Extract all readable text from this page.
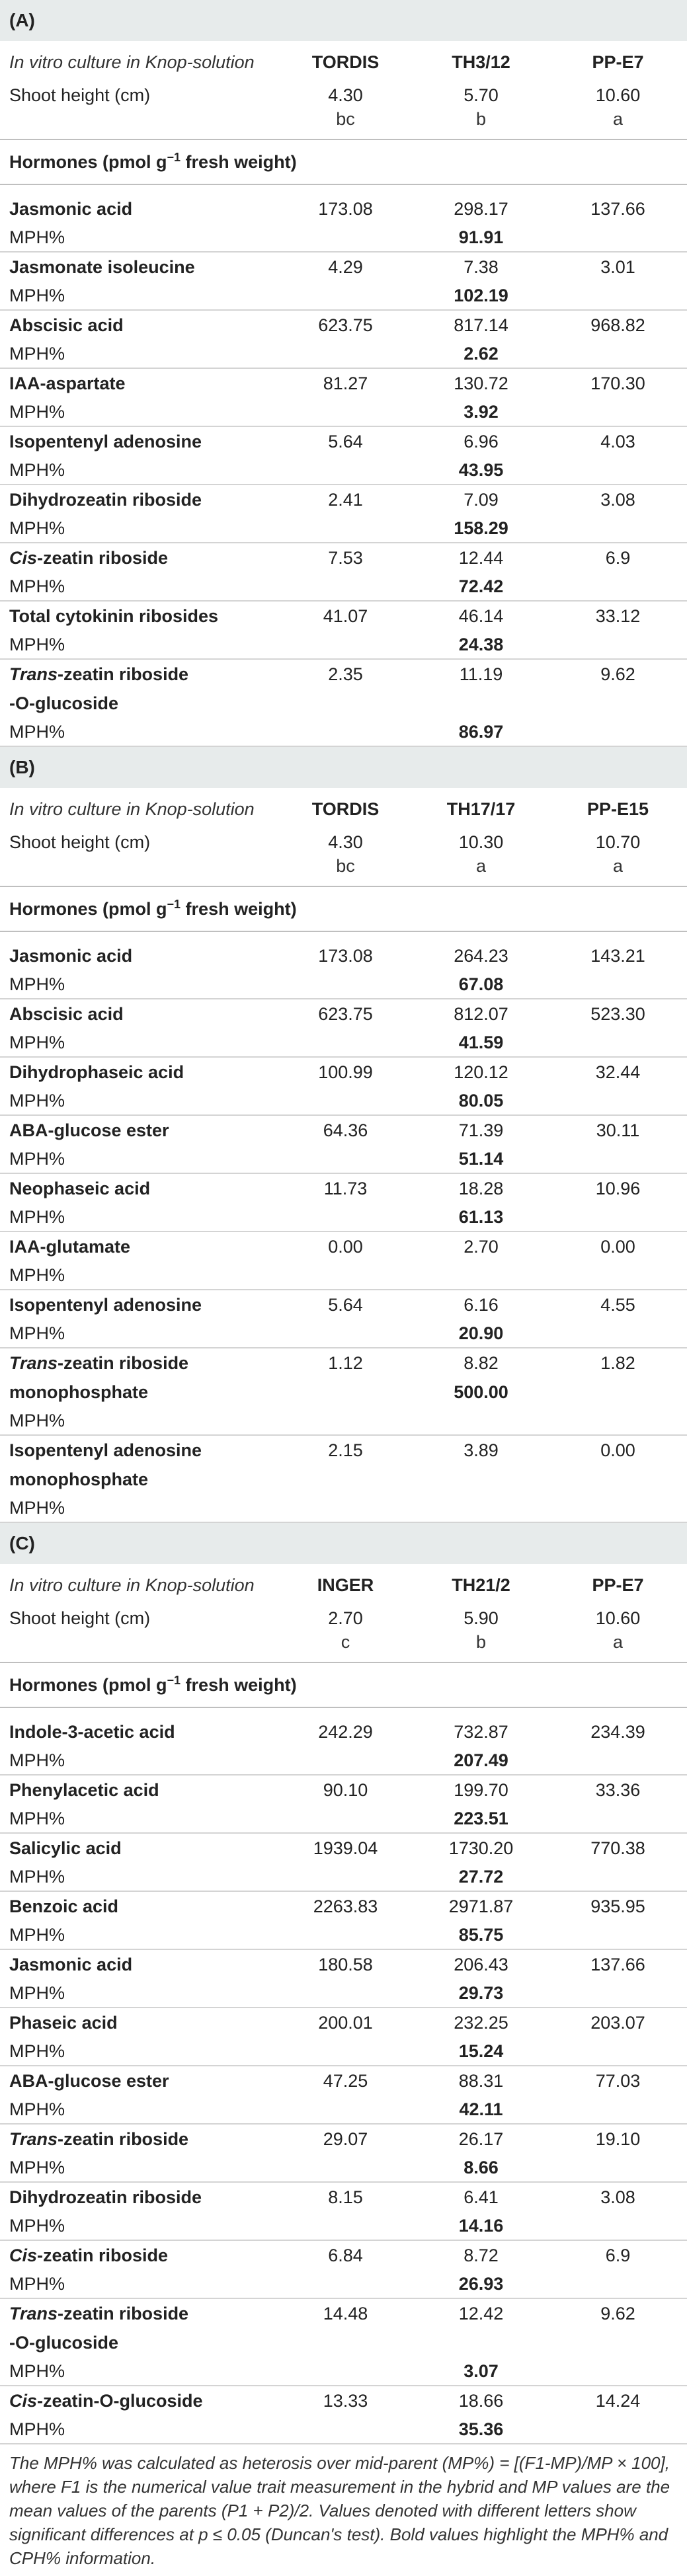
(A)
In vitro culture in Knop-solution	TORDIS	TH3/12	PP-E7
Shoot height (cm)	4.30	5.70	10.60
	bc	b	a

Hormones (pmol $g^{-1}$ fresh weight)			

Jasmonic acid	173.08	298.17	137.66
MPH%		91.91	
Jasmonate isoleucine	4.29	7.38	3.01
MPH%		102.19	
Abscisic acid	623.75	817.14	968.82
MPH%		2.62	
IAA-aspartate	81.27	130.72	170.30
MPH%		3.92	
Isopentenyl adenosine	5.64	6.96	4.03
MPH%		43.95	
Dihydrozeatin riboside	2.41	7.09	3.08
MPH%		158.29	
Cis-zeatin riboside	7.53	12.44	6.9
MPH%		72.42	
Total cytokinin ribosides	41.07	46.14	33.12
MPH%		24.38	
Trans-zeatin riboside	2.35	11.19	9.62
-O-glucoside			
MPH%		86.97	
(B)
In vitro culture in Knop-solution	TORDIS	TH17/17	PP-E15
Shoot height (cm)	4.30	10.30	10.70
	bc	a	a

Hormones (pmol $g^{-1}$ fresh weight)			

Jasmonic acid	173.08	264.23	143.21
MPH%		67.08	
Abscisic acid	623.75	812.07	523.30
MPH%		41.59	
Dihydrophaseic acid	100.99	120.12	32.44
MPH%		80.05	
ABA-glucose ester	64.36	71.39	30.11
MPH%		51.14	
Neophaseic acid	11.73	18.28	10.96
MPH%		61.13	
IAA-glutamate	0.00	2.70	0.00
MPH%			
Isopentenyl adenosine	5.64	6.16	4.55
MPH%		20.90	
Trans-zeatin riboside	1.12	8.82	1.82
monophosphate		500.00	
MPH%			
Isopentenyl adenosine	2.15	3.89	0.00
monophosphate			
MPH%			
(C)
In vitro culture in Knop-solution	INGER	TH21/2	PP-E7
Shoot height (cm)	2.70	5.90	10.60
	c	b	a

Hormones (pmol $g^{-1}$ fresh weight)			

Indole-3-acetic acid	242.29	732.87	234.39
MPH%		207.49	
Phenylacetic acid	90.10	199.70	33.36
MPH%		223.51	
Salicylic acid	1939.04	1730.20	770.38
MPH%		27.72	
Benzoic acid	2263.83	2971.87	935.95
MPH%		85.75	
Jasmonic acid	180.58	206.43	137.66
MPH%		29.73	
Phaseic acid	200.01	232.25	203.07
MPH%		15.24	
ABA-glucose ester	47.25	88.31	77.03
MPH%		42.11	
Trans-zeatin riboside	29.07	26.17	19.10
MPH%		8.66	
Dihydrozeatin riboside	8.15	6.41	3.08
MPH%		14.16	
Cis-zeatin riboside	6.84	8.72	6.9
MPH%		26.93	
Trans-zeatin riboside	14.48	12.42	9.62
-O-glucoside			
MPH%		3.07	
Cis-zeatin-O-glucoside	13.33	18.66	14.24
MPH%		35.36	
The MPH% was calculated as heterosis over mid-parent (MP%) = [(F1-MP)/MP × 100], where F1 is the numerical value trait measurement in the hybrid and MP values are the mean values of the parents (P1 + P2)/2. Values denoted with different letters show significant differences at p ≤ 0.05 (Duncan's test). Bold values highlight the MPH% and CPH% information.
